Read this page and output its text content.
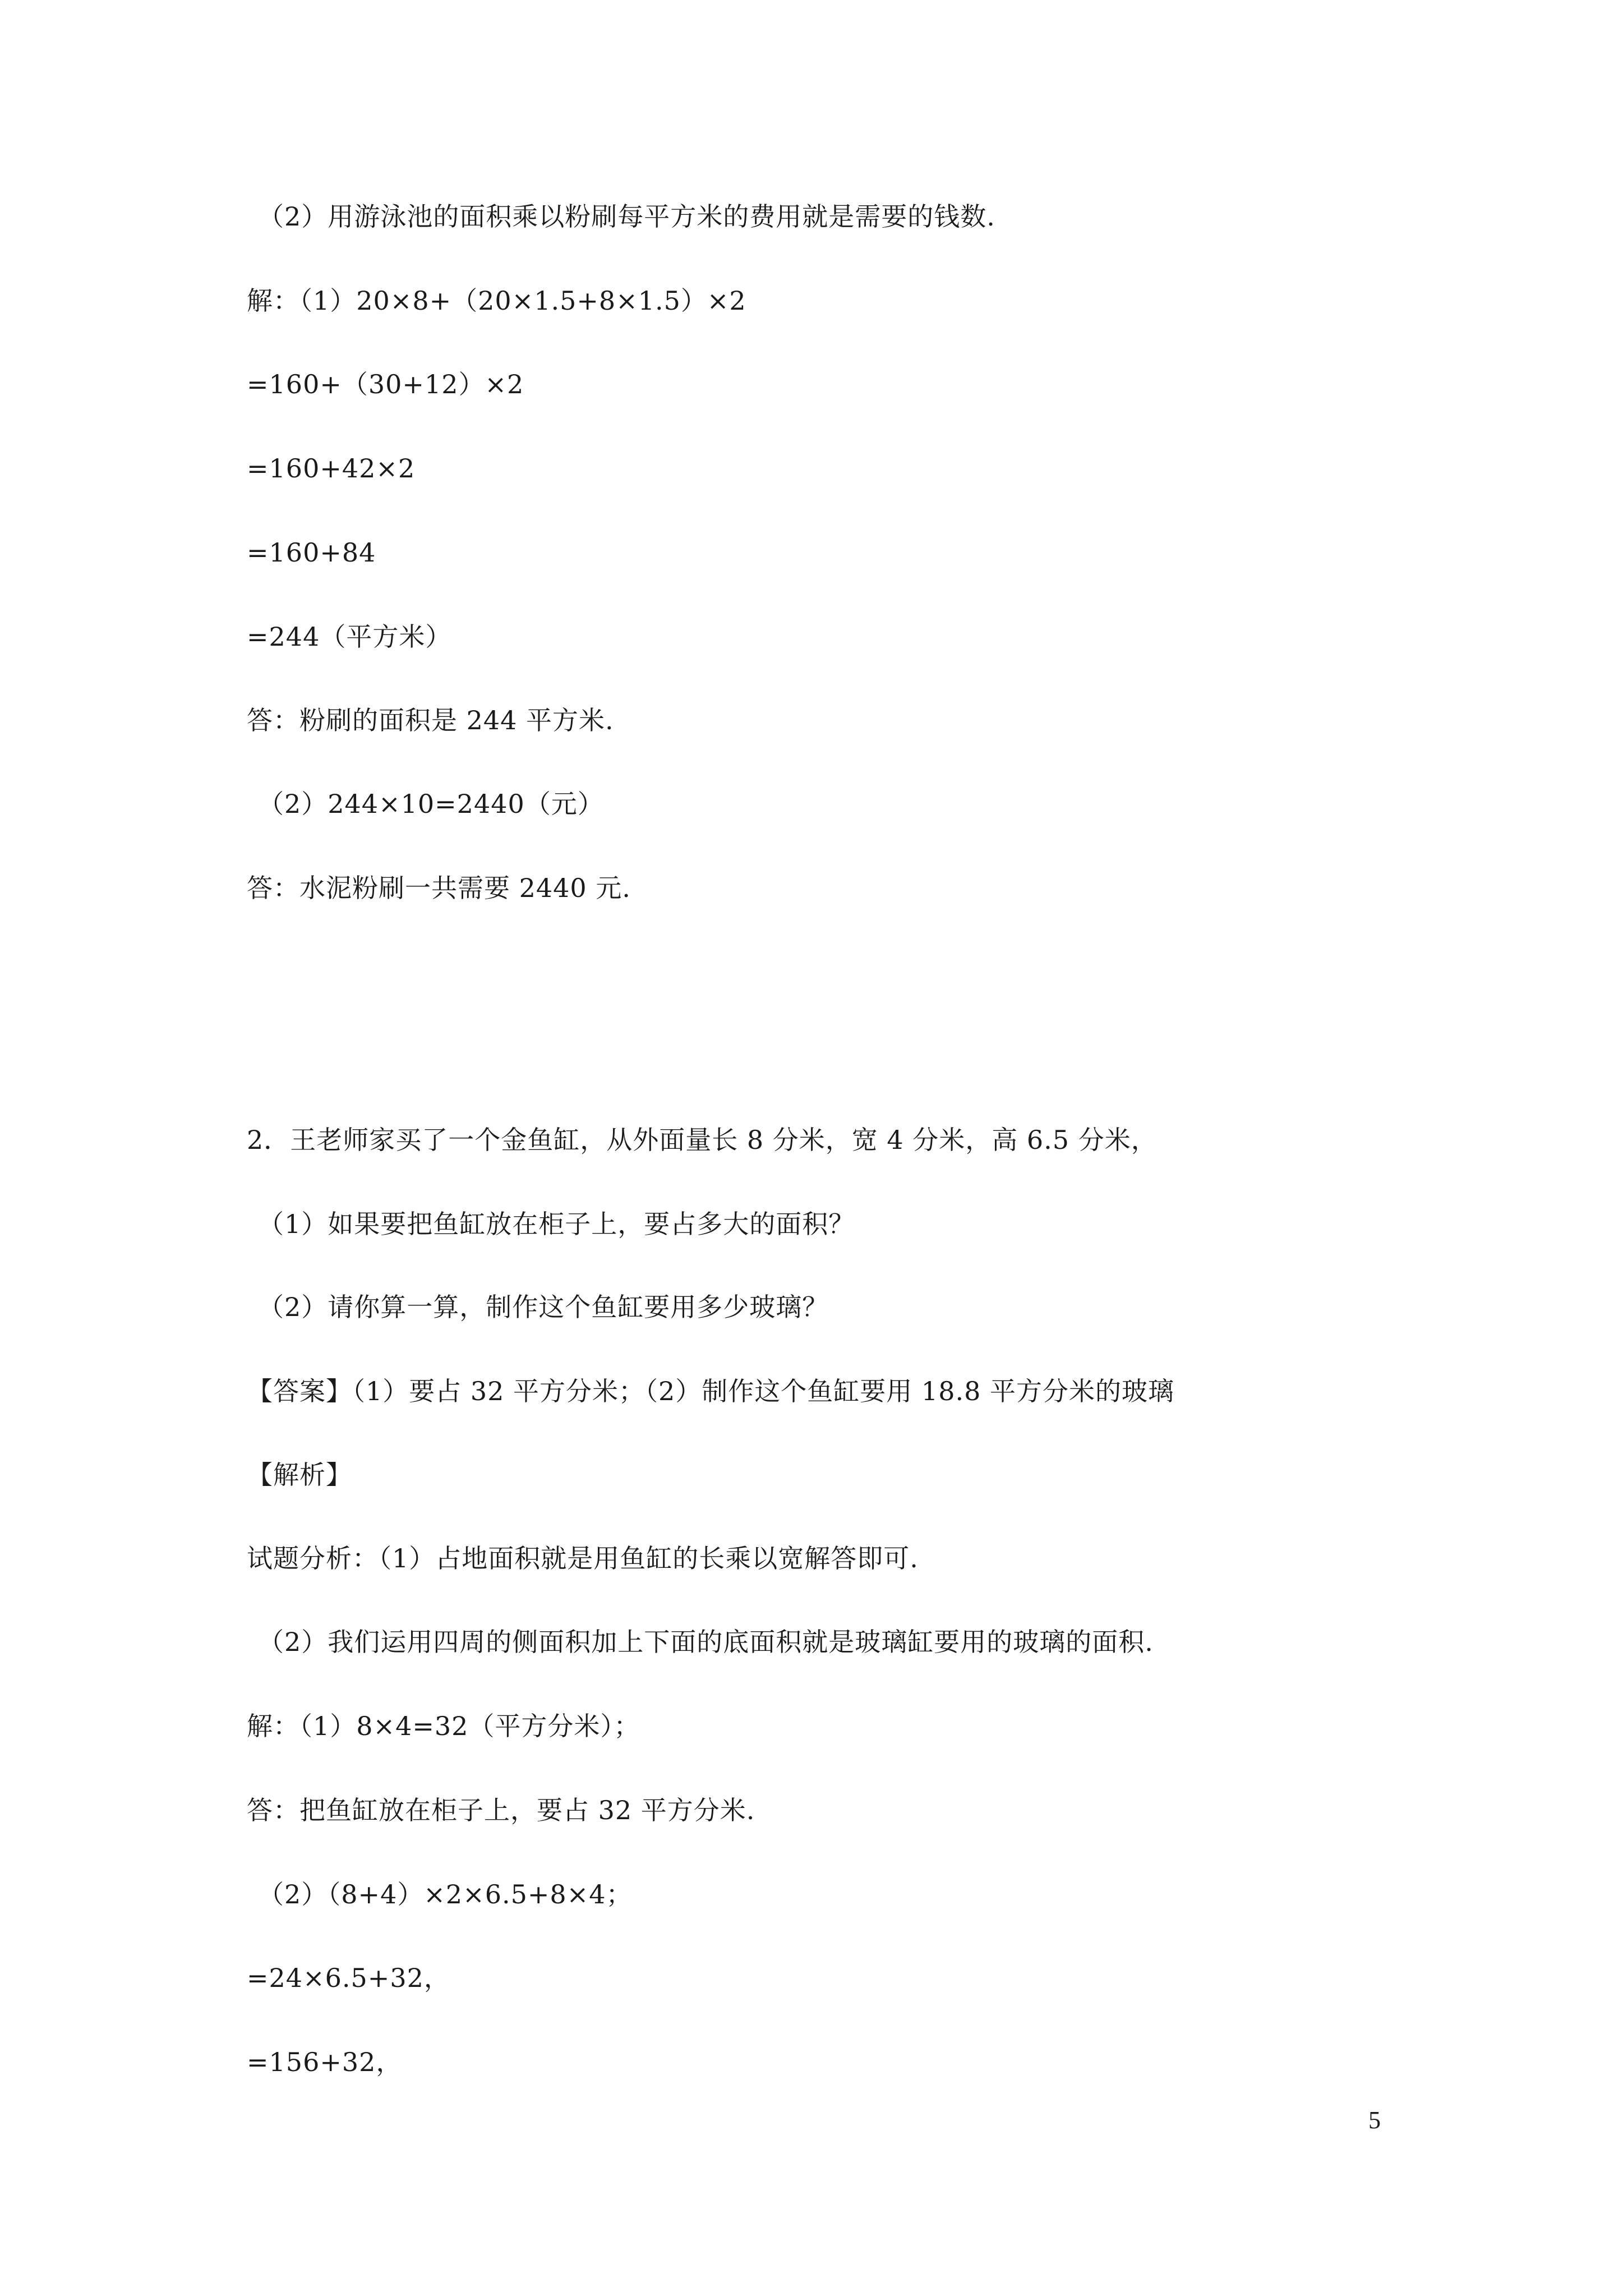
（2）用游泳池的面积乘以粉刷每平方米的费用就是需要的钱数.
解：（1）20×8+（20×1.5+8×1.5）×2
=160+（30+12）×2
=160+42×2
=160+84
=244（平方米）
答：粉刷的面积是 244 平方米.
（2）244×10=2440（元）
答：水泥粉刷一共需要 2440 元.
2．王老师家买了一个金鱼缸，从外面量长 8 分米，宽 4 分米，高 6.5 分米，
（1）如果要把鱼缸放在柜子上，要占多大的面积？
（2）请你算一算，制作这个鱼缸要用多少玻璃？
【答案】（1）要占 32 平方分米；（2）制作这个鱼缸要用 18.8 平方分米的玻璃
【解析】
试题分析：（1）占地面积就是用鱼缸的长乘以宽解答即可.
（2）我们运用四周的侧面积加上下面的底面积就是玻璃缸要用的玻璃的面积.
解：（1）8×4=32（平方分米）；
答：把鱼缸放在柜子上，要占 32 平方分米.
（2）（8+4）×2×6.5+8×4；
=24×6.5+32，
=156+32，
5
